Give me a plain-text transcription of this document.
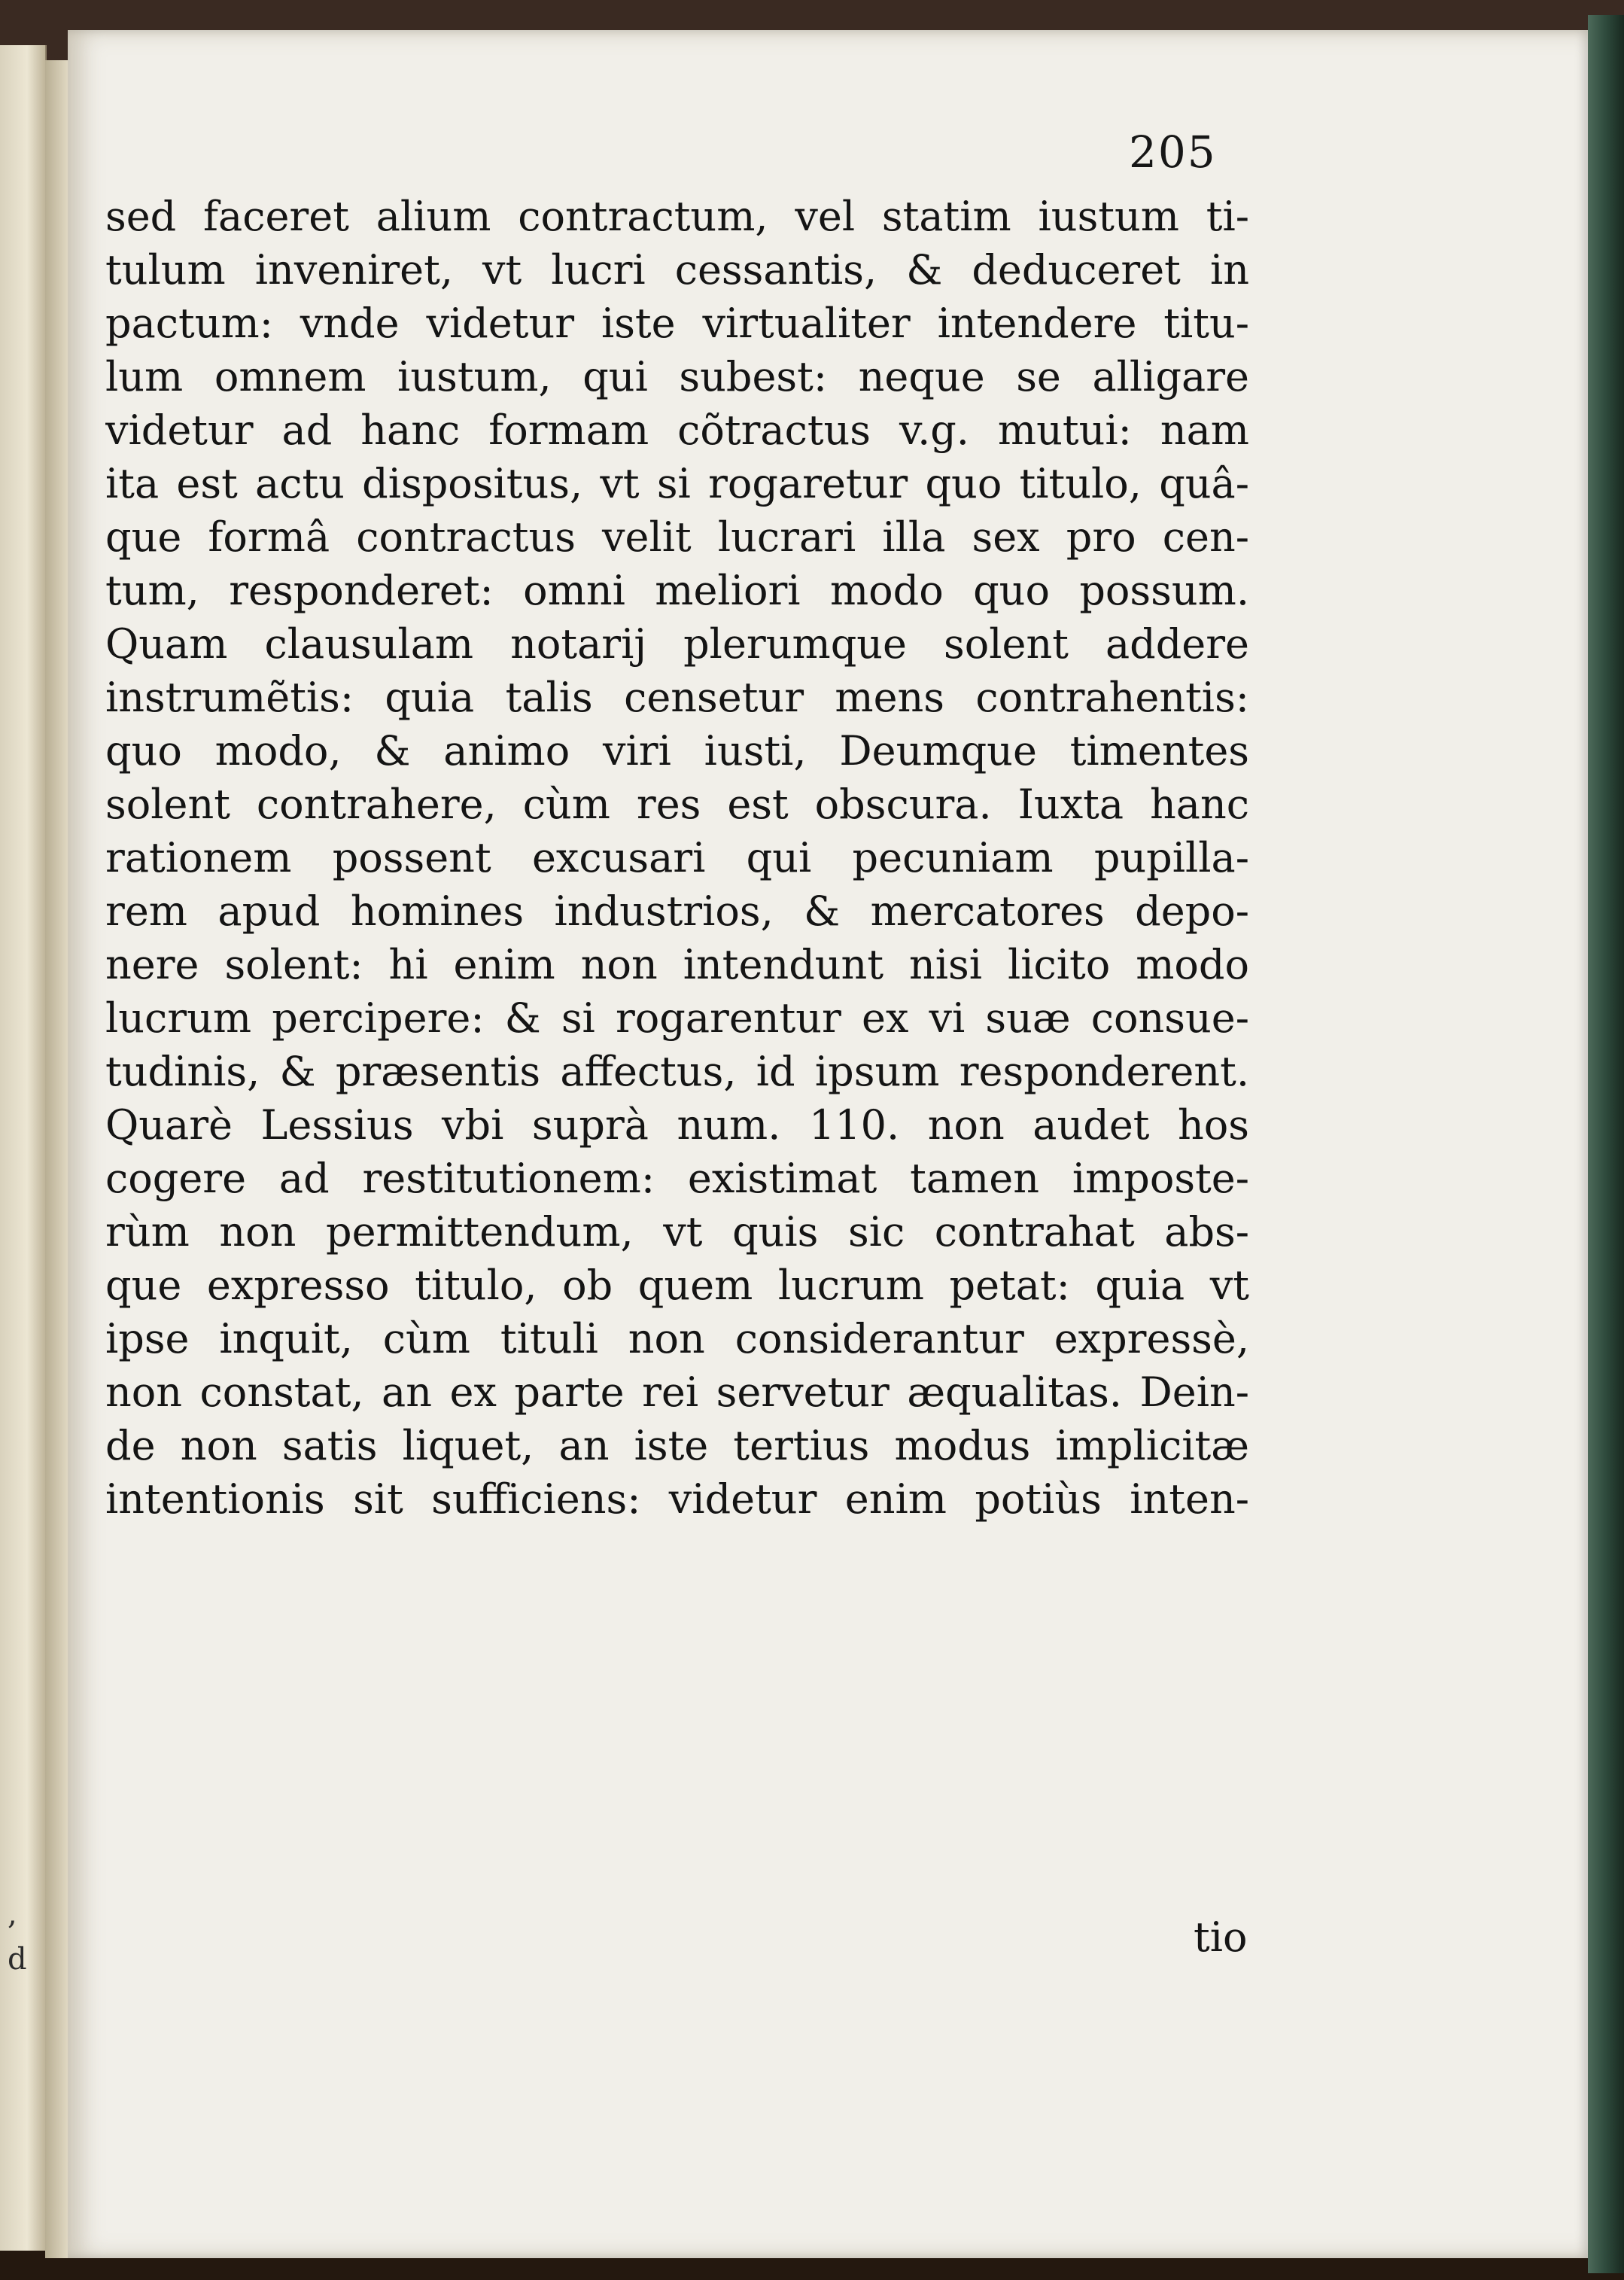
,
d
205
sed faceret alium contractum, vel statim iustum ti-
tulum inveniret, vt lucri cessantis, & deduceret in
pactum: vnde videtur iste virtualiter intendere titu-
lum omnem iustum, qui subest: neque se alligare
videtur ad hanc formam cõtractus v.g. mutui: nam
ita est actu dispositus, vt si rogaretur quo titulo, quâ-
que formâ contractus velit lucrari illa sex pro cen-
tum, responderet: omni meliori modo quo possum.
Quam clausulam notarij plerumque solent addere
instrumẽtis: quia talis censetur mens contrahentis:
quo modo, & animo viri iusti, Deumque timentes
solent contrahere, cùm res est obscura. Iuxta hanc
rationem possent excusari qui pecuniam pupilla-
rem apud homines industrios, & mercatores depo-
nere solent: hi enim non intendunt nisi licito modo
lucrum percipere: & si rogarentur ex vi suæ consue-
tudinis, & præsentis affectus, id ipsum responderent.
Quarè Lessius vbi suprà num. 110. non audet hos
cogere ad restitutionem: existimat tamen imposte-
rùm non permittendum, vt quis sic contrahat abs-
que expresso titulo, ob quem lucrum petat: quia vt
ipse inquit, cùm tituli non considerantur expressè,
non constat, an ex parte rei servetur æqualitas. Dein-
de non satis liquet, an iste tertius modus implicitæ
intentionis sit sufficiens: videtur enim potiùs inten-
tio
